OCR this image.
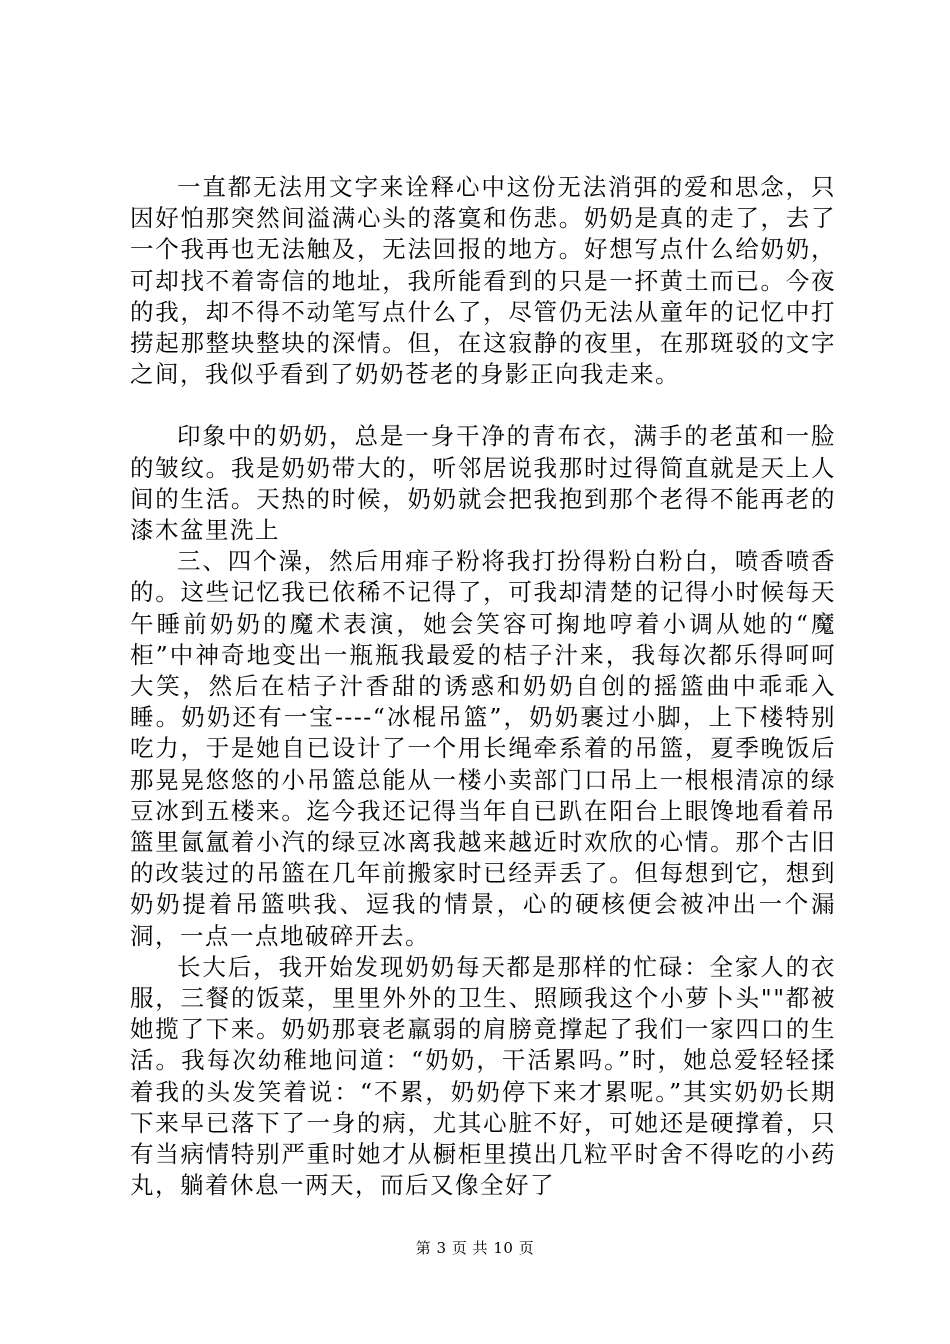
一直都无法用文字来诠释心中这份无法消弭的爱和思念，只因好怕那突然间溢满心头的落寞和伤悲。奶奶是真的走了，去了一个我再也无法触及，无法回报的地方。好想写点什么给奶奶，可却找不着寄信的地址，我所能看到的只是一抔黄土而已。今夜的我，却不得不动笔写点什么了，尽管仍无法从童年的记忆中打捞起那整块整块的深情。但，在这寂静的夜里，在那斑驳的文字之间，我似乎看到了奶奶苍老的身影正向我走来。

印象中的奶奶，总是一身干净的青布衣，满手的老茧和一脸的皱纹。我是奶奶带大的，听邻居说我那时过得简直就是天上人间的生活。天热的时候，奶奶就会把我抱到那个老得不能再老的漆木盆里洗上

三、四个澡，然后用痱子粉将我打扮得粉白粉白，喷香喷香的。这些记忆我已依稀不记得了，可我却清楚的记得小时候每天午睡前奶奶的魔术表演，她会笑容可掬地哼着小调从她的“魔柜”中神奇地变出一瓶瓶我最爱的桔子汁来，我每次都乐得呵呵大笑，然后在桔子汁香甜的诱惑和奶奶自创的摇篮曲中乖乖入睡。奶奶还有一宝----“冰棍吊篮”，奶奶裹过小脚，上下楼特别吃力，于是她自已设计了一个用长绳牵系着的吊篮，夏季晚饭后那晃晃悠悠的小吊篮总能从一楼小卖部门口吊上一根根清凉的绿豆冰到五楼来。迄今我还记得当年自已趴在阳台上眼馋地看着吊篮里氤氲着小汽的绿豆冰离我越来越近时欢欣的心情。那个古旧的改装过的吊篮在几年前搬家时已经弄丢了。但每想到它，想到奶奶提着吊篮哄我、逗我的情景，心的硬核便会被冲出一个漏洞，一点一点地破碎开去。

长大后，我开始发现奶奶每天都是那样的忙碌：全家人的衣服，三餐的饭菜，里里外外的卫生、照顾我这个小萝卜头""都被她揽了下来。奶奶那衰老羸弱的肩膀竟撑起了我们一家四口的生活。我每次幼稚地问道：“奶奶，干活累吗。”时，她总爱轻轻揉着我的头发笑着说：“不累，奶奶停下来才累呢。”其实奶奶长期下来早已落下了一身的病，尤其心脏不好，可她还是硬撑着，只有当病情特别严重时她才从橱柜里摸出几粒平时舍不得吃的小药丸，躺着休息一两天，而后又像全好了

第 3 页 共 10 页
